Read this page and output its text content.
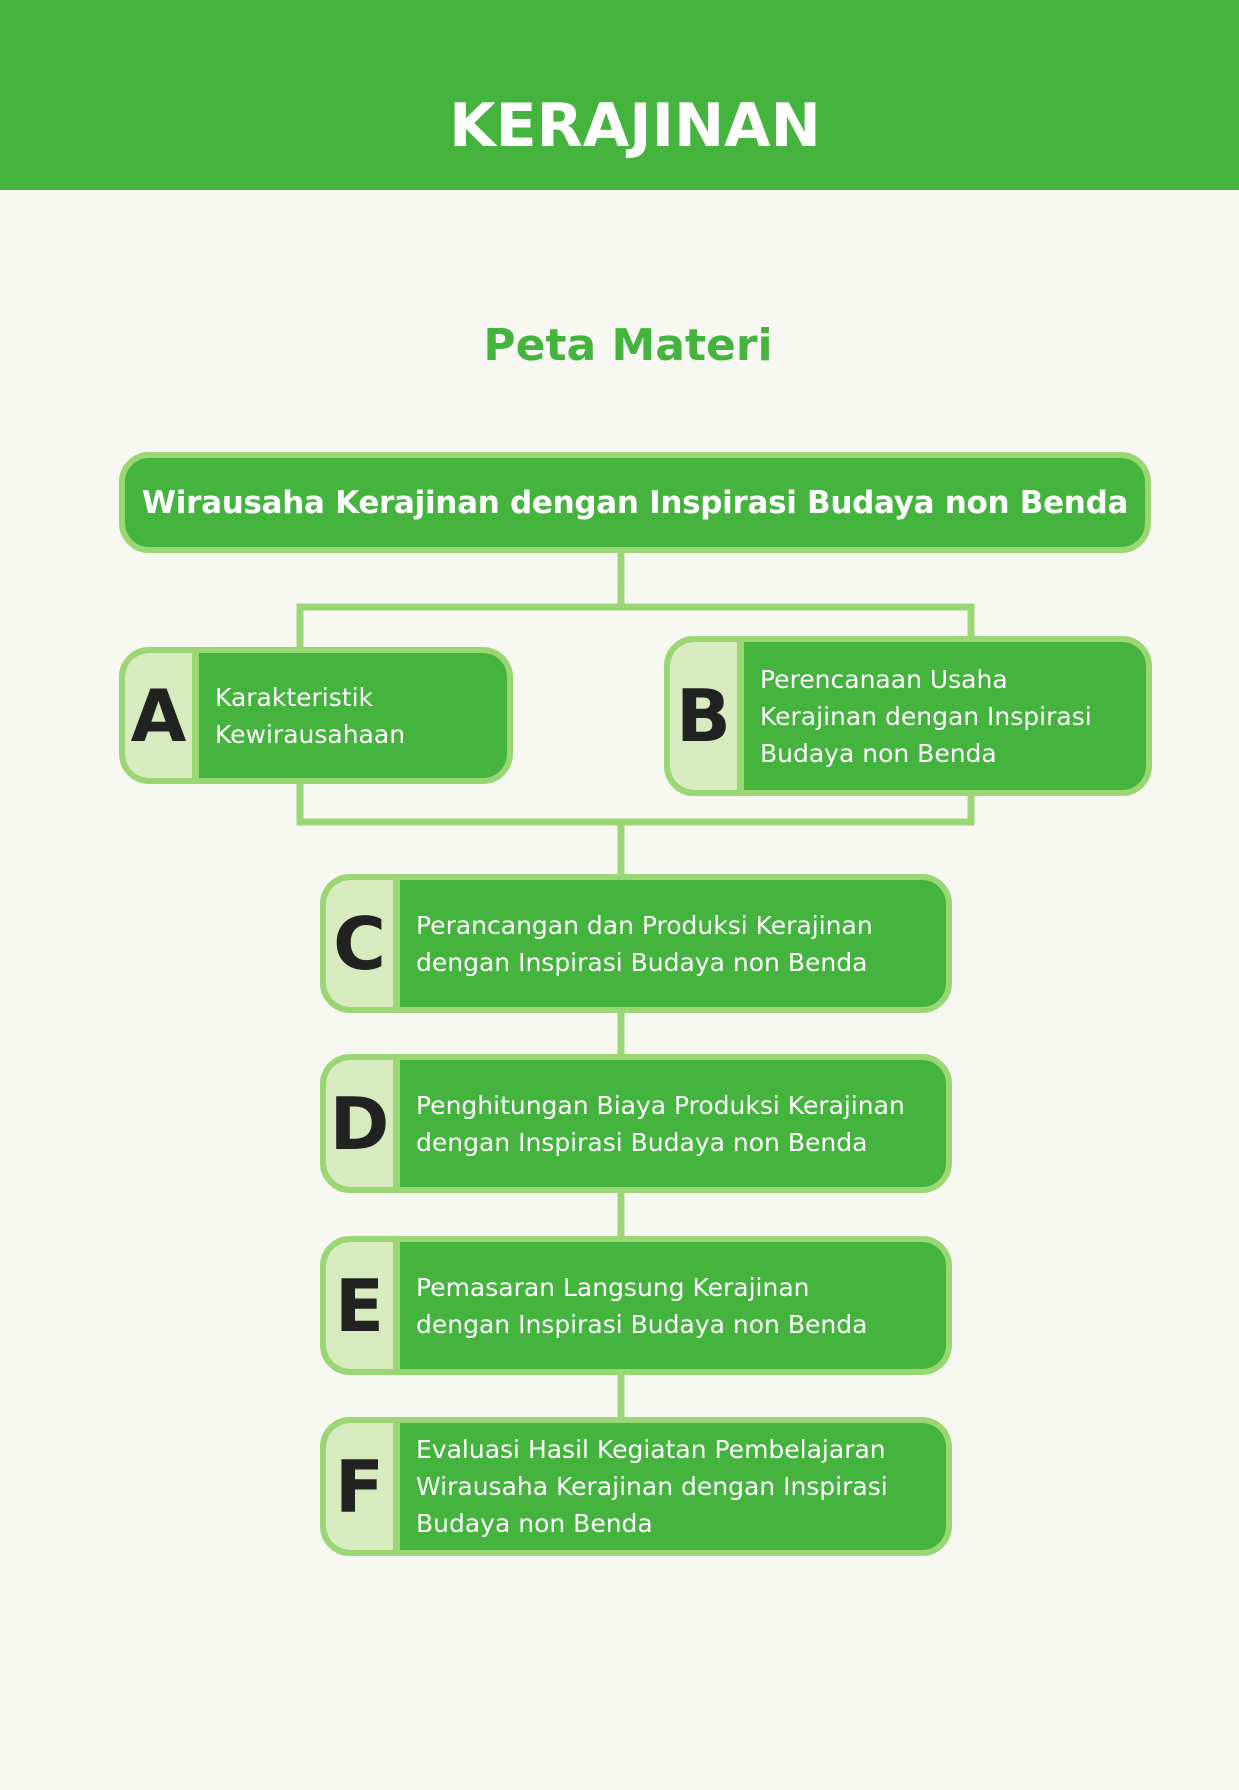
KERAJINAN
Peta Materi
Wirausaha Kerajinan dengan Inspirasi Budaya non Benda
A	Karakteristik
Kewirausahaan	B	Perencanaan Usaha
Kerajinan dengan Inspirasi
Budaya non Benda
C	Perancangan dan Produksi Kerajinan
dengan Inspirasi Budaya non Benda
D	Penghitungan Biaya Produksi Kerajinan
dengan Inspirasi Budaya non Benda
E	Pemasaran Langsung Kerajinan
dengan Inspirasi Budaya non Benda
F	Evaluasi Hasil Kegiatan Pembelajaran
Wirausaha Kerajinan dengan Inspirasi
Budaya non Benda
